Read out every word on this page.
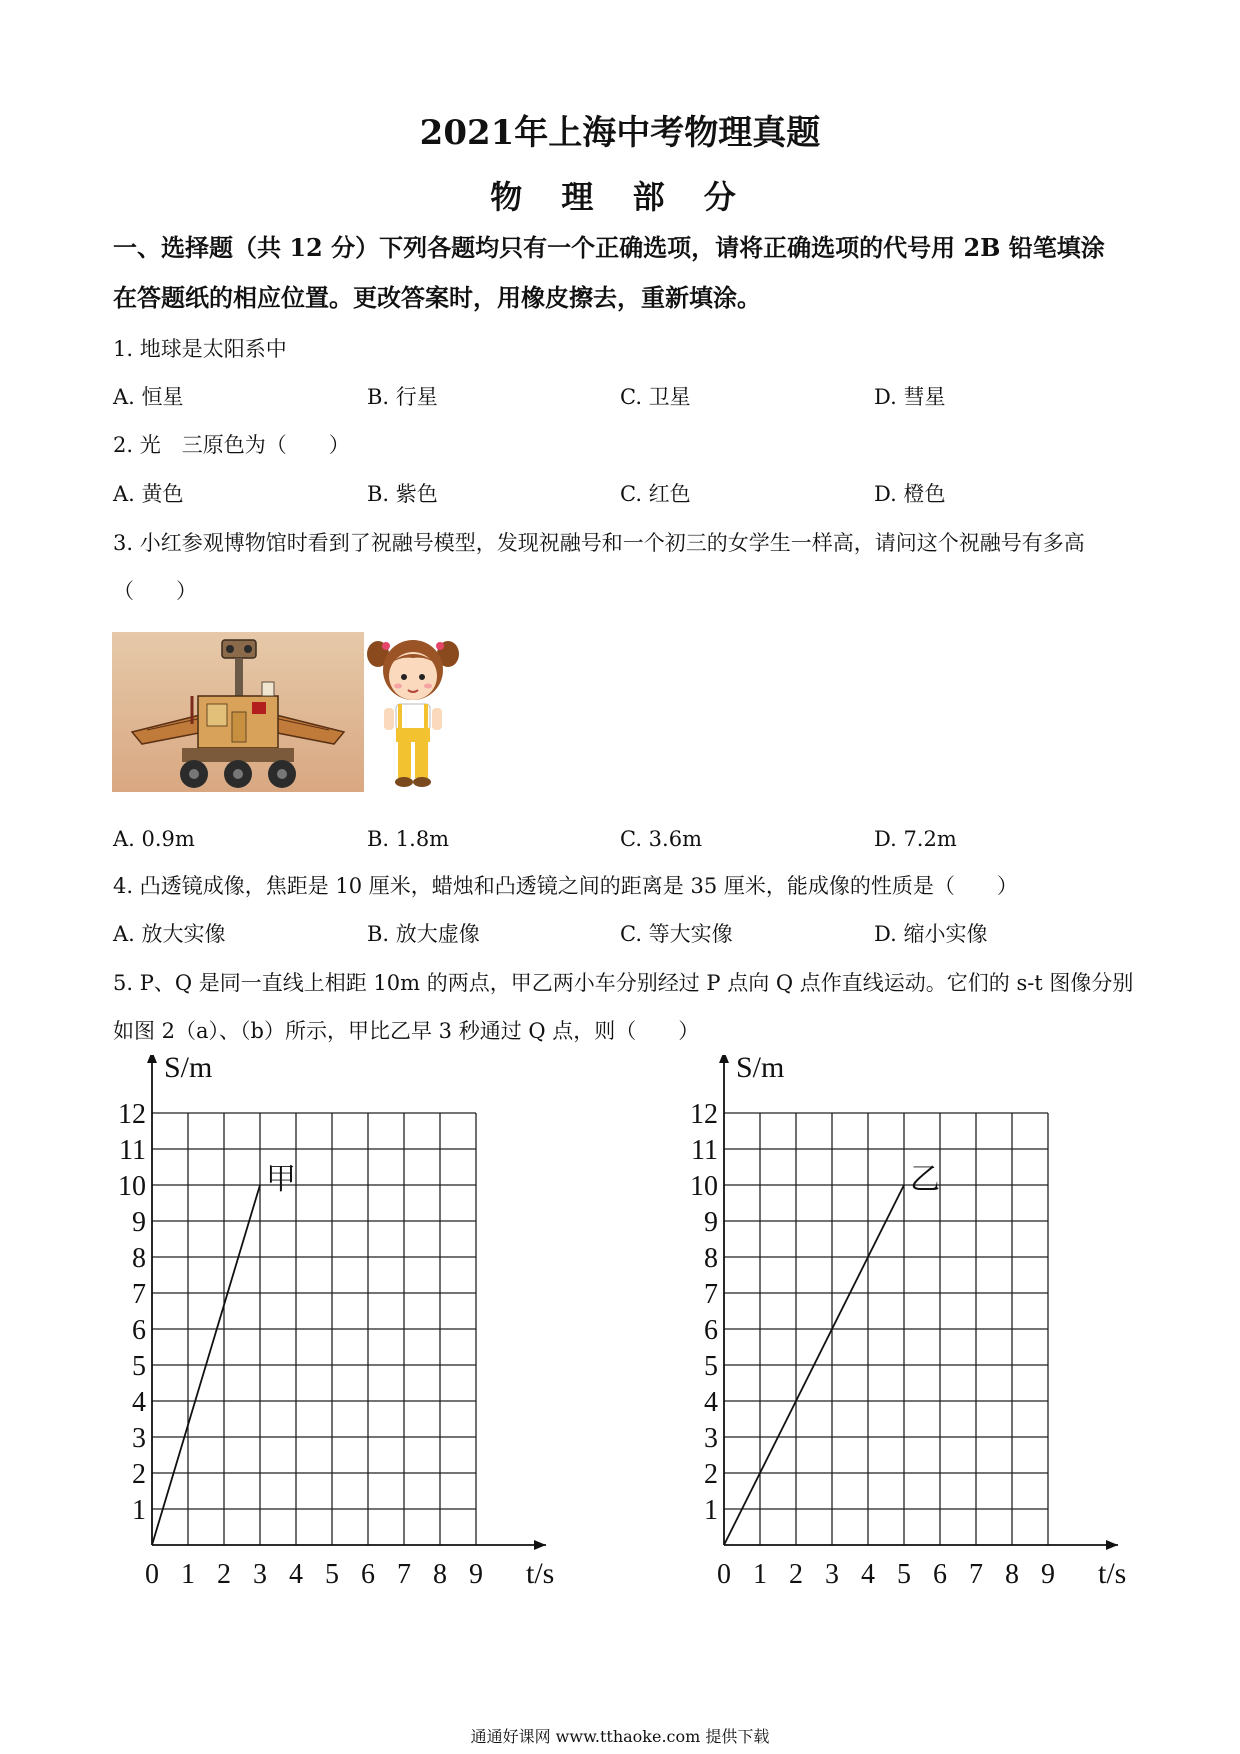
2021年上海中考物理真题
物 理 部 分
一、选择题（共 12 分）下列各题均只有一个正确选项，请将正确选项的代号用 2B 铅笔填涂
在答题纸的相应位置。更改答案时，用橡皮擦去，重新填涂。
1. 地球是太阳系中
A. 恒星	B. 行星	C. 卫星	D. 彗星
2. 光　三原色为（　　）
A. 黄色	B. 紫色	C. 红色	D. 橙色
3. 小红参观博物馆时看到了祝融号模型，发现祝融号和一个初三的女学生一样高，请问这个祝融号有多高
（　　）
A. 0.9m	B. 1.8m	C. 3.6m	D. 7.2m
4. 凸透镜成像，焦距是 10 厘米，蜡烛和凸透镜之间的距离是 35 厘米，能成像的性质是（　　）
A. 放大实像	B. 放大虚像	C. 等大实像	D. 缩小实像
5. P、Q 是同一直线上相距 10m 的两点，甲乙两小车分别经过 P 点向 Q 点作直线运动。它们的 s-t 图像分别
如图 2（a）、（b）所示，甲比乙早 3 秒通过 Q 点，则（　　）
S/m
t/s
0 1 2 3 4 5 6 7 8 9
1
2
3
4
5
6
7
8
9
10
11
12
甲
S/m
t/s
0 1 2 3 4 5 6 7 8 9
1
2
3
4
5
6
7
8
9
10
11
12
乙
通通好课网 www.tthaoke.com 提供下载
